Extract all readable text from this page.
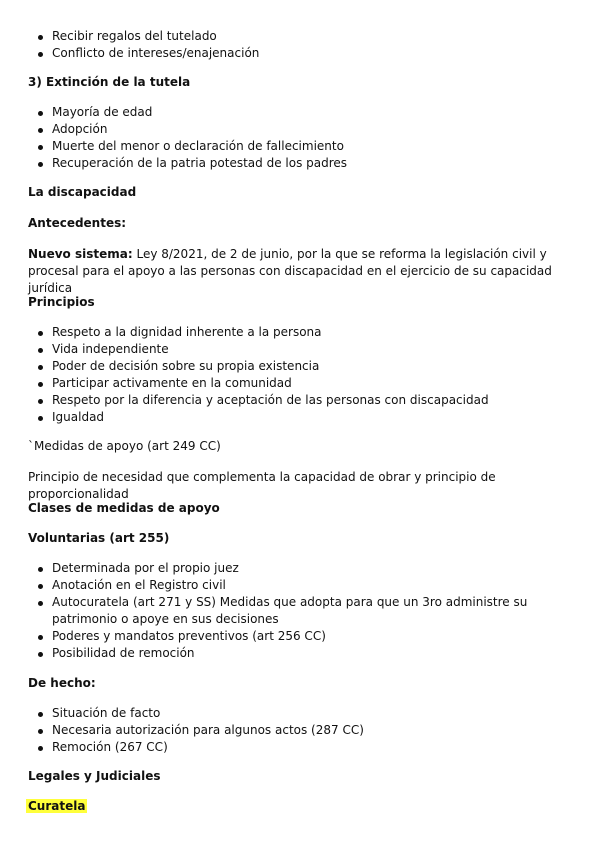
Recibir regalos del tutelado
Conflicto de intereses/enajenación

3) Extinción de la tutela

Mayoría de edad
Adopción
Muerte del menor o declaración de fallecimiento
Recuperación de la patria potestad de los padres

La discapacidad

Antecedentes:

Nuevo sistema: Ley 8/2021, de 2 de junio, por la que se reforma la legislación civil y procesal para el apoyo a las personas con discapacidad en el ejercicio de su capacidad jurídica

Principios

Respeto a la dignidad inherente a la persona
Vida independiente
Poder de decisión sobre su propia existencia
Participar activamente en la comunidad
Respeto por la diferencia y aceptación de las personas con discapacidad
Igualdad

`Medidas de apoyo (art 249 CC)

Principio de necesidad que complementa la capacidad de obrar y principio de proporcionalidad

Clases de medidas de apoyo

Voluntarias (art 255)

Determinada por el propio juez
Anotación en el Registro civil
Autocuratela (art 271 y SS) Medidas que adopta para que un 3ro administre su patrimonio o apoye en sus decisiones
Poderes y mandatos preventivos (art 256 CC)
Posibilidad de remoción

De hecho:

Situación de facto
Necesaria autorización para algunos actos (287 CC)
Remoción (267 CC)

Legales y Judiciales

Curatela
